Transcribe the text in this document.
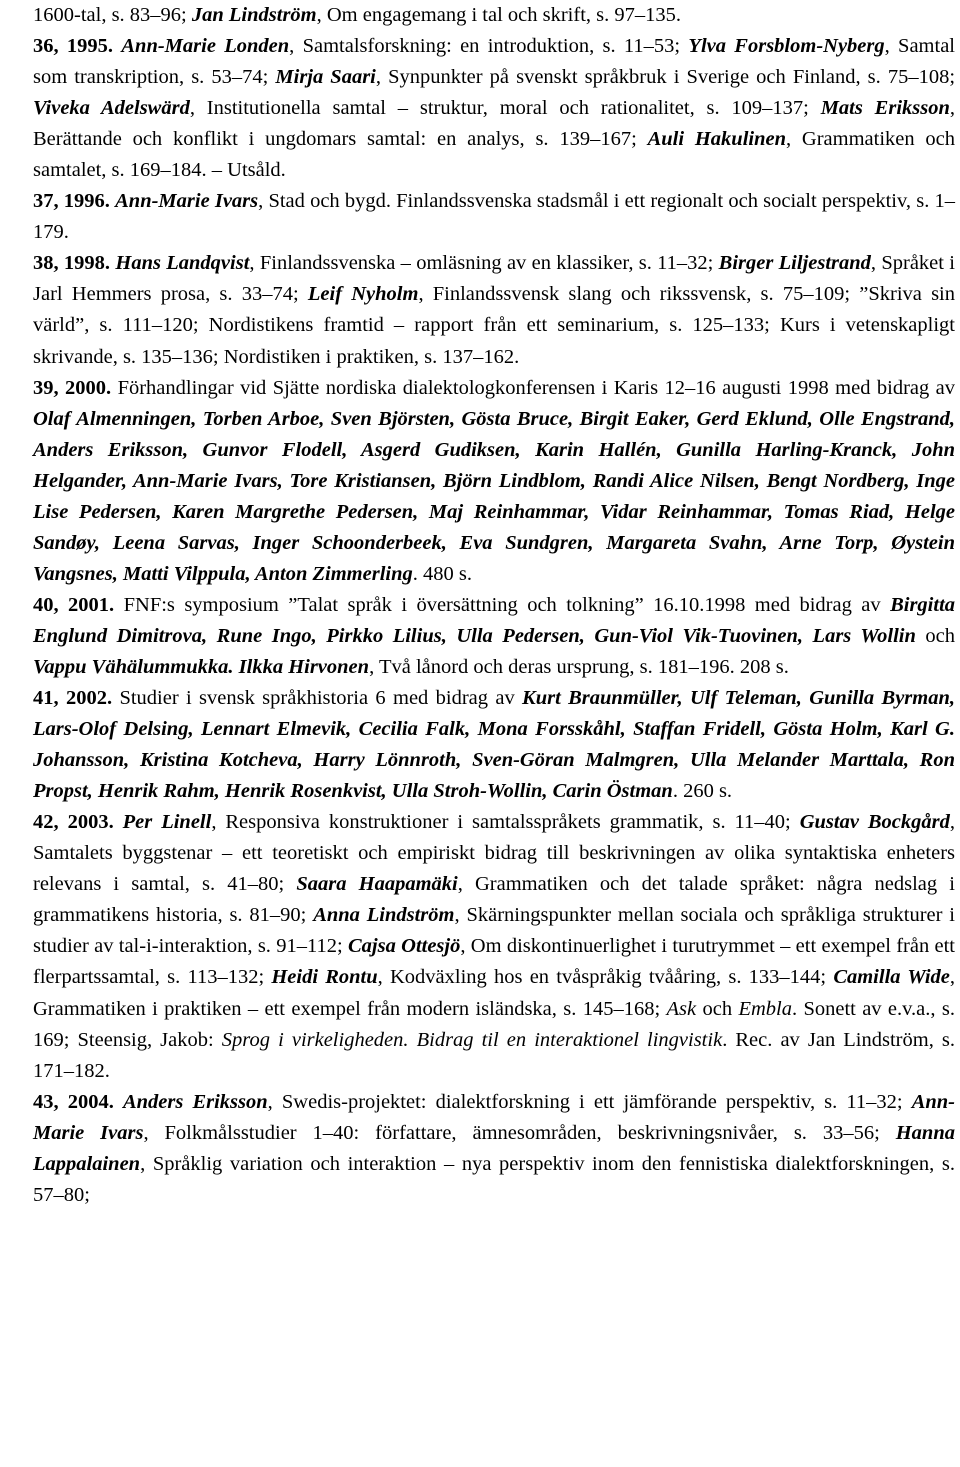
1600-tal, s. 83–96; Jan Lindström, Om engagemang i tal och skrift, s. 97–135.

36, 1995. Ann-Marie Londen, Samtalsforskning: en introduktion, s. 11–53; Ylva Forsblom-Nyberg, Samtal som transkription, s. 53–74; Mirja Saari, Synpunkter på svenskt språkbruk i Sverige och Finland, s. 75–108; Viveka Adelswärd, Institutionella samtal – struktur, moral och rationalitet, s. 109–137; Mats Eriksson, Berättande och konflikt i ungdomars samtal: en analys, s. 139–167; Auli Hakulinen, Grammatiken och samtalet, s. 169–184. – Utsåld.

37, 1996. Ann-Marie Ivars, Stad och bygd. Finlandssvenska stadsmål i ett regionalt och socialt perspektiv, s. 1–179.

38, 1998. Hans Landqvist, Finlandssvenska – omläsning av en klassiker, s. 11–32; Birger Liljestrand, Språket i Jarl Hemmers prosa, s. 33–74; Leif Nyholm, Finlandssvensk slang och rikssvensk, s. 75–109; ”Skriva sin värld”, s. 111–120; Nordistikens framtid – rapport från ett seminarium, s. 125–133; Kurs i vetenskapligt skrivande, s. 135–136; Nordistiken i praktiken, s. 137–162.

39, 2000. Förhandlingar vid Sjätte nordiska dialektologkonferensen i Karis 12–16 augusti 1998 med bidrag av Olaf Almenningen, Torben Arboe, Sven Björsten, Gösta Bruce, Birgit Eaker, Gerd Eklund, Olle Engstrand, Anders Eriksson, Gunvor Flodell, Asgerd Gudiksen, Karin Hallén, Gunilla Harling-Kranck, John Helgander, Ann-Marie Ivars, Tore Kristiansen, Björn Lindblom, Randi Alice Nilsen, Bengt Nordberg, Inge Lise Pedersen, Karen Margrethe Pedersen, Maj Reinhammar, Vidar Reinhammar, Tomas Riad, Helge Sandøy, Leena Sarvas, Inger Schoonderbeek, Eva Sundgren, Margareta Svahn, Arne Torp, Øystein Vangsnes, Matti Vilppula, Anton Zimmerling. 480 s.

40, 2001. FNF:s symposium ”Talat språk i översättning och tolkning” 16.10.1998 med bidrag av Birgitta Englund Dimitrova, Rune Ingo, Pirkko Lilius, Ulla Pedersen, Gun-Viol Vik-Tuovinen, Lars Wollin och Vappu Vähälummukka. Ilkka Hirvonen, Två lånord och deras ursprung, s. 181–196. 208 s.

41, 2002. Studier i svensk språkhistoria 6 med bidrag av Kurt Braunmüller, Ulf Teleman, Gunilla Byrman, Lars-Olof Delsing, Lennart Elmevik, Cecilia Falk, Mona Forsskåhl, Staffan Fridell, Gösta Holm, Karl G. Johansson, Kristina Kotcheva, Harry Lönnroth, Sven-Göran Malmgren, Ulla Melander Marttala, Ron Propst, Henrik Rahm, Henrik Rosenkvist, Ulla Stroh-Wollin, Carin Östman. 260 s.

42, 2003. Per Linell, Responsiva konstruktioner i samtalsspråkets grammatik, s. 11–40; Gustav Bockgård, Samtalets byggstenar – ett teoretiskt och empiriskt bidrag till beskrivningen av olika syntaktiska enheters relevans i samtal, s. 41–80; Saara Haapamäki, Grammatiken och det talade språket: några nedslag i grammatikens historia, s. 81–90; Anna Lindström, Skärningspunkter mellan sociala och språkliga strukturer i studier av tal-i-interaktion, s. 91–112; Cajsa Ottesjö, Om diskontinuerlighet i turutrymmet – ett exempel från ett flerpartssamtal, s. 113–132; Heidi Rontu, Kodväxling hos en tvåspråkig tvååring, s. 133–144; Camilla Wide, Grammatiken i praktiken – ett exempel från modern isländska, s. 145–168; Ask och Embla. Sonett av e.v.a., s. 169; Steensig, Jakob: Sprog i virkeligheden. Bidrag til en interaktionel lingvistik. Rec. av Jan Lindström, s. 171–182.

43, 2004. Anders Eriksson, Swedis-projektet: dialektforskning i ett jämförande perspektiv, s. 11–32; Ann-Marie Ivars, Folkmålsstudier 1–40: författare, ämnesområden, beskrivningsnivåer, s. 33–56; Hanna Lappalainen, Språklig variation och interaktion – nya perspektiv inom den fennistiska dialektforskningen, s. 57–80;
